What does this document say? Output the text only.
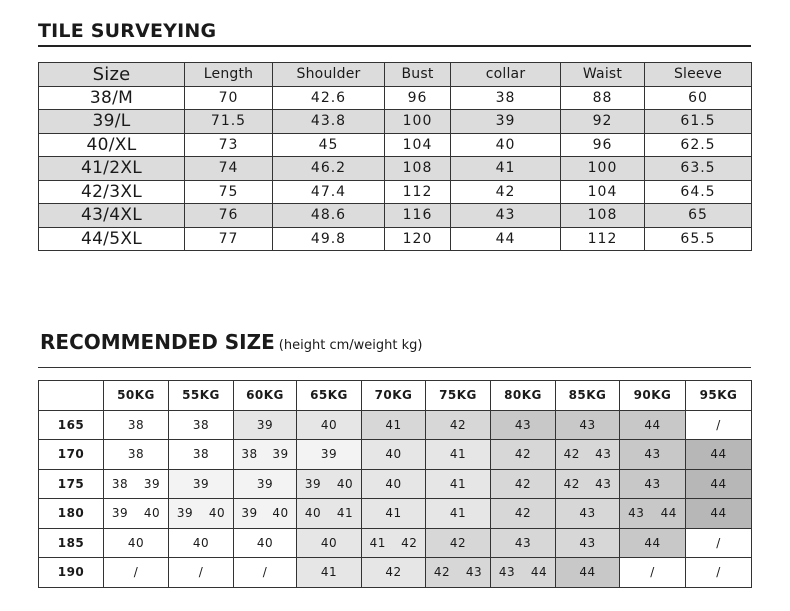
TILE SURVEYING
Size	Length	Shoulder	Bust	collar	Waist	Sleeve
38/M	70	42.6	96	38	88	60
39/L	71.5	43.8	100	39	92	61.5
40/XL	73	45	104	40	96	62.5
41/2XL	74	46.2	108	41	100	63.5
42/3XL	75	47.4	112	42	104	64.5
43/4XL	76	48.6	116	43	108	65
44/5XL	77	49.8	120	44	112	65.5
RECOMMENDED SIZE (height cm/weight kg)
	50KG	55KG	60KG	65KG	70KG	75KG	80KG	85KG	90KG	95KG
165	38	38	39	40	41	42	43	43	44	/

170	38	38	38 39	39	40	41	42	42 43	43	44

175	38 39	39	39	39 40	40	41	42	42 43	43	44

180	39 40	39 40	39 40	40 41	41	41	42	43	43 44	44

185	40	40	40	40	41 42	42	43	43	44	/

190	/	/	/	41	42	42 43	43 44	44	/	/
